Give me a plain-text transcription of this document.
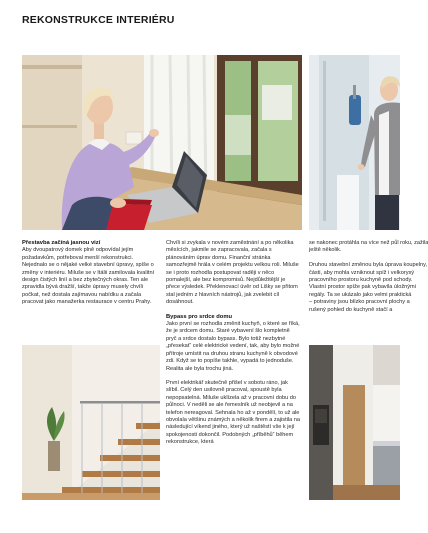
REKONSTRUKCE INTERIÉRU
Přestavba začíná jasnou vizí

Aby dvoupatrový domek plně odpovídal jejím požadavkům, potřeboval menší rekonstrukci. Nejednalo se o nějaké velké stavební úpravy, spíše o změny v interiéru. Miluše se v Itálii zamilovala kvalitní design čistých linií a bez zbytečných okras. Ten ale zpravidla bývá dražší, takže úpravy musely chvíli počkat, než dostala zajímavou nabídku a začala pracovat jako manažerka restaurace v centru Prahy.

Chvíli si zvykala v novém zaměstnání a po několika měsících, jakmile se zapracovala, začala s plánováním úprav domu. Finanční stránka samozřejmě hrála v celém projektu velkou roli. Miluše se i proto rozhodla postupovat raději v něco pomalejší, ale bez kompromisů. Nejdůležitější je přece výsledek. Překlenovací úvěr od Lišky se přitom stal jedním z hlavních nástrojů, jak zvelebit cíl dosáhnout.

Bypass pro srdce domu

Jako první se rozhodla změnit kuchyň, o které se říká, že je srdcem domu. Staré vybavení šlo kompletně pryč a srdce dostalo bypass. Bylo totiž nezbytné „přesekat“ celé elektrické vedení, tak, aby bylo možné přítroje umístit na druhou stranu kuchyně k obvodové zdi. Když se to popíše takhle, vypadá to jednoduše. Realita ale byla trochu jiná.

První elektrikář skutečně přišel v sobotu ráno, jak slíbil. Celý den usilovně pracoval, spoustě byla nepopsatelná. Miluše uklízela až v pracovní dobu do půlnoci. V neděli se ale řemeslník už neobjevil a na telefon nereagoval. Sehnala ho až v pondělí, to už ale obvolala většinu známých a několik firem a zajistila na následující víkend jiného, který už naštěstí vše k její spokojenosti dokončil. Podobných „příběhů“ během rekonstrukce, která

se nakonec protáhla na více než půl roku, zažila
ještě několik.

Druhou stavební změnou byla úprava koupelny,
části, aby mohla vzniknout spíž i velkorysý
pracovního prostoru kuchyně pod schody.
Vlastní prostor spíže pak vybavila úložnými
regály. Ta se ukázalo jako velmi praktická
– potraviny jsou blízko pracovní plochy a
rušený pohled do kuchyně stačí a
